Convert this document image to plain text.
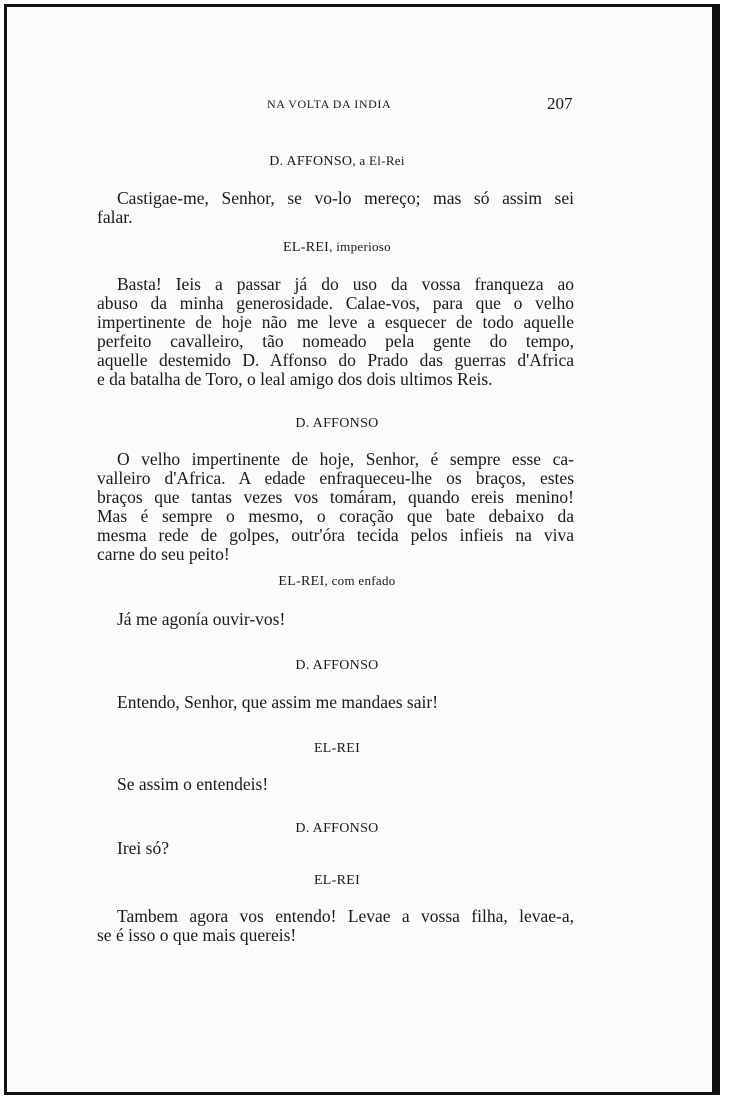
NA VOLTA DA INDIA	207
D. AFFONSO, a El-Rei
Castigae-me, Senhor, se vo-lo mereço; mas só assim sei
falar.
EL-REI, imperioso
Basta! Ieis a passar já do uso da vossa franqueza ao
abuso da minha generosidade. Calae-vos, para que o velho
impertinente de hoje não me leve a esquecer de todo aquelle
perfeito cavalleiro, tão nomeado pela gente do tempo,
aquelle destemido D. Affonso do Prado das guerras d'Africa
e da batalha de Toro, o leal amigo dos dois ultimos Reis.
D. AFFONSO
O velho impertinente de hoje, Senhor, é sempre esse ca-
valleiro d'Africa. A edade enfraqueceu-lhe os braços, estes
braços que tantas vezes vos tomáram, quando ereis menino!
Mas é sempre o mesmo, o coração que bate debaixo da
mesma rede de golpes, outr'óra tecida pelos infieis na viva
carne do seu peito!
EL-REI, com enfado
Já me agonía ouvir-vos!
D. AFFONSO
Entendo, Senhor, que assim me mandaes sair!
EL-REI
Se assim o entendeis!
D. AFFONSO
Irei só?
EL-REI
Tambem agora vos entendo! Levae a vossa filha, levae-a,
se é isso o que mais quereis!
